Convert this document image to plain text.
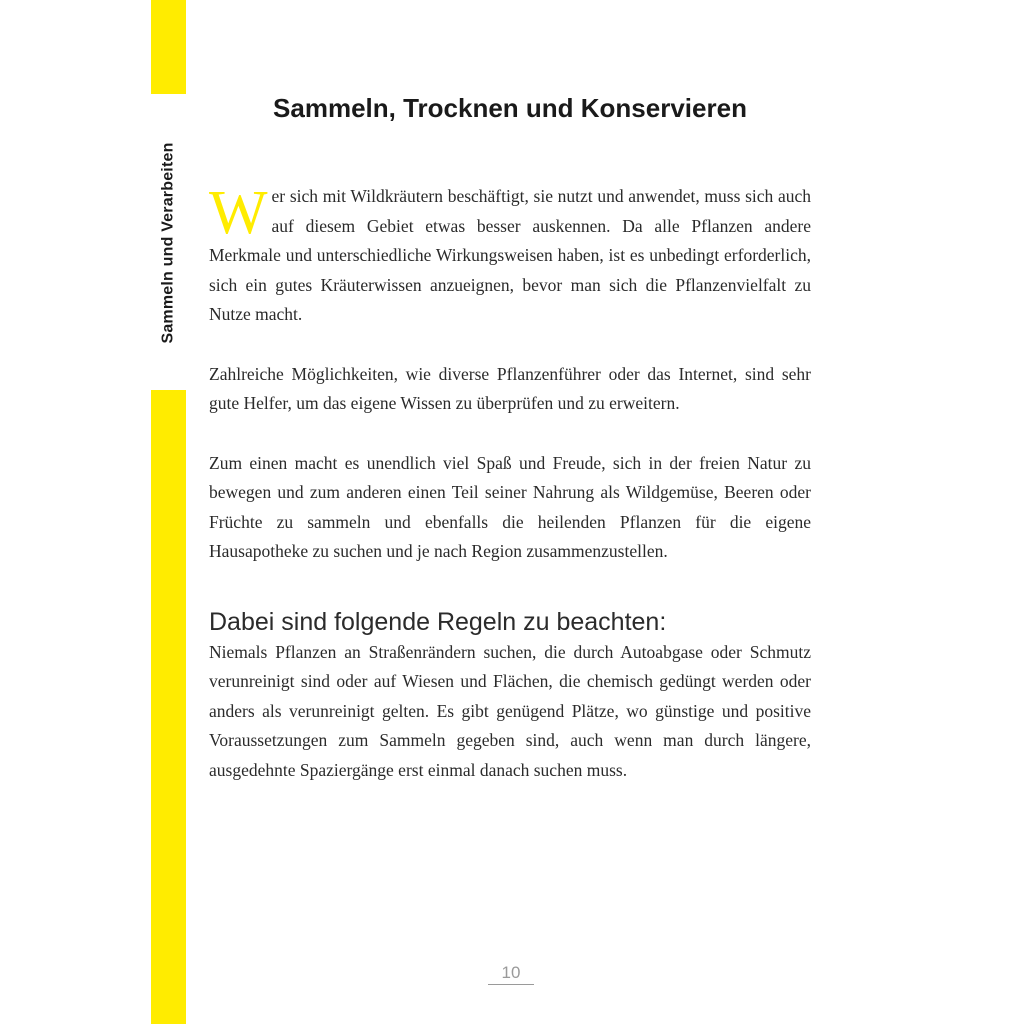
Sammeln und Verarbeiten
Sammeln, Trocknen und Konservieren

Wer sich mit Wildkräutern beschäftigt, sie nutzt und anwendet, muss sich auch auf diesem Gebiet etwas besser auskennen. Da alle Pflanzen andere Merkmale und unterschiedliche Wirkungsweisen haben, ist es unbedingt erforderlich, sich ein gutes Kräuterwissen anzueignen, bevor man sich die Pflanzenvielfalt zu Nutze macht.

Zahlreiche Möglichkeiten, wie diverse Pflanzenführer oder das Internet, sind sehr gute Helfer, um das eigene Wissen zu überprüfen und zu erweitern.

Zum einen macht es unendlich viel Spaß und Freude, sich in der freien Natur zu bewegen und zum anderen einen Teil seiner Nahrung als Wildgemüse, Beeren oder Früchte zu sammeln und ebenfalls die heilenden Pflanzen für die eigene Hausapotheke zu suchen und je nach Region zusammenzustellen.

Dabei sind folgende Regeln zu beachten:

Niemals Pflanzen an Straßenrändern suchen, die durch Autoabgase oder Schmutz verunreinigt sind oder auf Wiesen und Flächen, die chemisch gedüngt werden oder anders als verunreinigt gelten. Es gibt genügend Plätze, wo günstige und positive Voraussetzungen zum Sammeln gegeben sind, auch wenn man durch längere, ausgedehnte Spaziergänge erst einmal danach suchen muss.

10
